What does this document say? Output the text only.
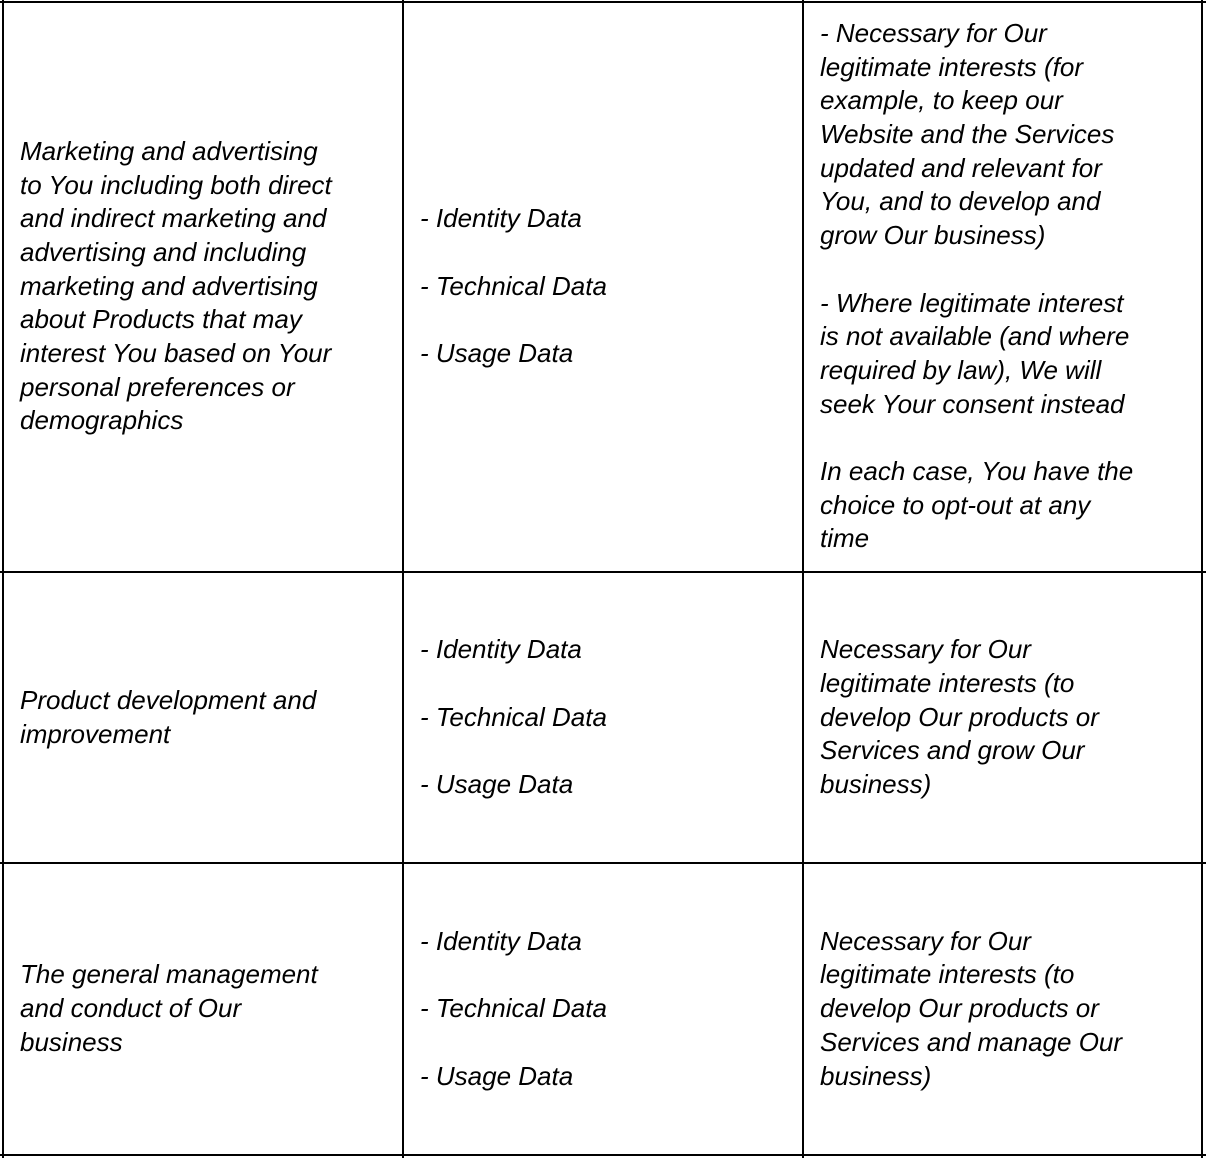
Marketing and advertising
to You including both direct
and indirect marketing and
advertising and including
marketing and advertising
about Products that may
interest You based on Your
personal preferences or
demographics

- Identity Data

- Technical Data

- Usage Data

- Necessary for Our
legitimate interests (for
example, to keep our
Website and the Services
updated and relevant for
You, and to develop and
grow Our business)

- Where legitimate interest
is not available (and where
required by law), We will
seek Your consent instead

In each case, You have the
choice to opt-out at any
time

Product development and
improvement

- Identity Data

- Technical Data

- Usage Data

Necessary for Our
legitimate interests (to
develop Our products or
Services and grow Our
business)

The general management
and conduct of Our
business

- Identity Data

- Technical Data

- Usage Data

Necessary for Our
legitimate interests (to
develop Our products or
Services and manage Our
business)
